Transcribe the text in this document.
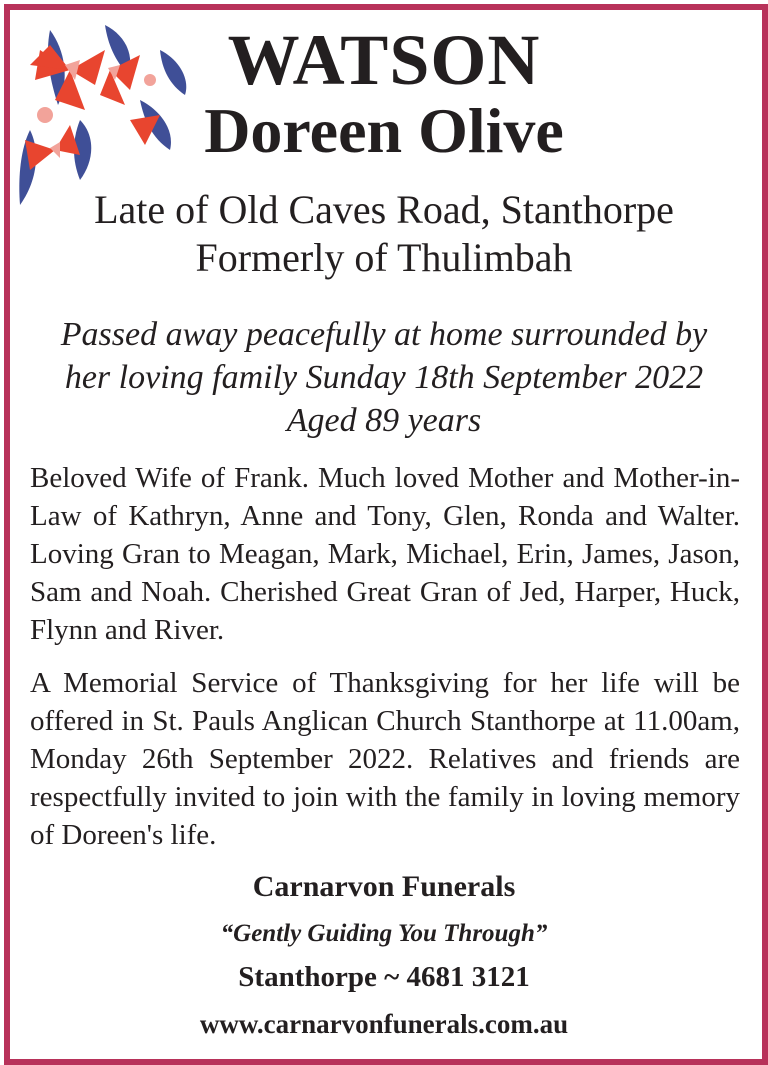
WATSON
Doreen Olive
Late of Old Caves Road, Stanthorpe
Formerly of Thulimbah
Passed away peacefully at home surrounded by
her loving family Sunday 18th September 2022
Aged 89 years
Beloved Wife of Frank. Much loved Mother and Mother-in-Law of Kathryn, Anne and Tony, Glen, Ronda and Walter. Loving Gran to Meagan, Mark, Michael, Erin, James, Jason, Sam and Noah. Cherished Great Gran of Jed, Harper, Huck, Flynn and River.
A Memorial Service of Thanksgiving for her life will be offered in St. Pauls Anglican Church Stanthorpe at 11.00am, Monday 26th September 2022. Relatives and friends are respectfully invited to join with the family in loving memory of Doreen's life.
Carnarvon Funerals
“Gently Guiding You Through”
Stanthorpe ~ 4681 3121
www.carnarvonfunerals.com.au
